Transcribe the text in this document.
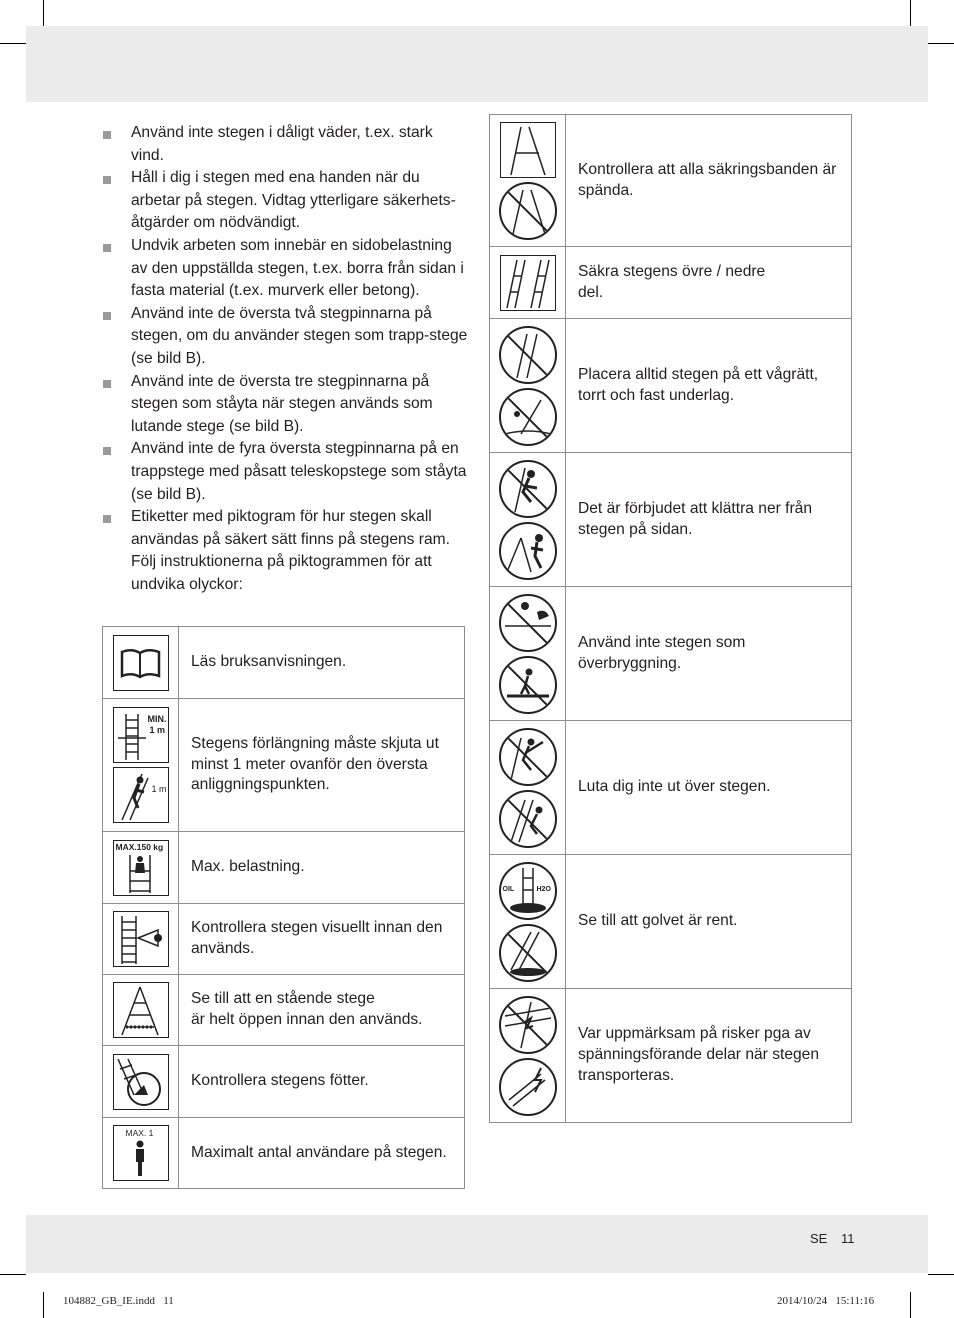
Använd inte stegen i dåligt väder, t.ex. stark vind.
Håll i dig i stegen med ena handen när du arbetar på stegen. Vidtag ytterligare säkerhets-åtgärder om nödvändigt.
Undvik arbeten som innebär en sidobelastning av den uppställda stegen, t.ex. borra från sidan i fasta material (t.ex. murverk eller betong).
Använd inte de översta två stegpinnarna på stegen, om du använder stegen som trapp-stege (se bild B).
Använd inte de översta tre stegpinnarna på stegen som ståyta när stegen används som lutande stege (se bild B).
Använd inte de fyra översta stegpinnarna på en trappstege med påsatt teleskopstege som ståyta (se bild B).
Etiketter med piktogram för hur stegen skall användas på säkert sätt finns på stegens ram. Följ instruktionerna på piktogrammen för att undvika olyckor:
	Läs bruksanvisningen.

MIN.
1 m
1 m	Stegens förlängning måste skjuta ut minst 1 meter ovanför den översta anliggningspunkten.

MAX.150 kg	Max. belastning.

	Kontrollera stegen visuellt innan den används.

	Se till att en stående stege
är helt öppen innan den används.

	Kontrollera stegens fötter.

MAX. 1	Maximalt antal användare på stegen.
	Kontrollera att alla säkringsbanden är spända.

	Säkra stegens övre / nedre
del.

	Placera alltid stegen på ett vågrätt, torrt och fast underlag.

	Det är förbjudet att klättra ner från stegen på sidan.

	Använd inte stegen som överbryggning.

	Luta dig inte ut över stegen.

OIL H2O	Se till att golvet är rent.

	Var uppmärksam på risker pga av spänningsförande delar när stegen transporteras.
SE 11
104882_GB_IE.indd   11	2014/10/24   15:11:16
